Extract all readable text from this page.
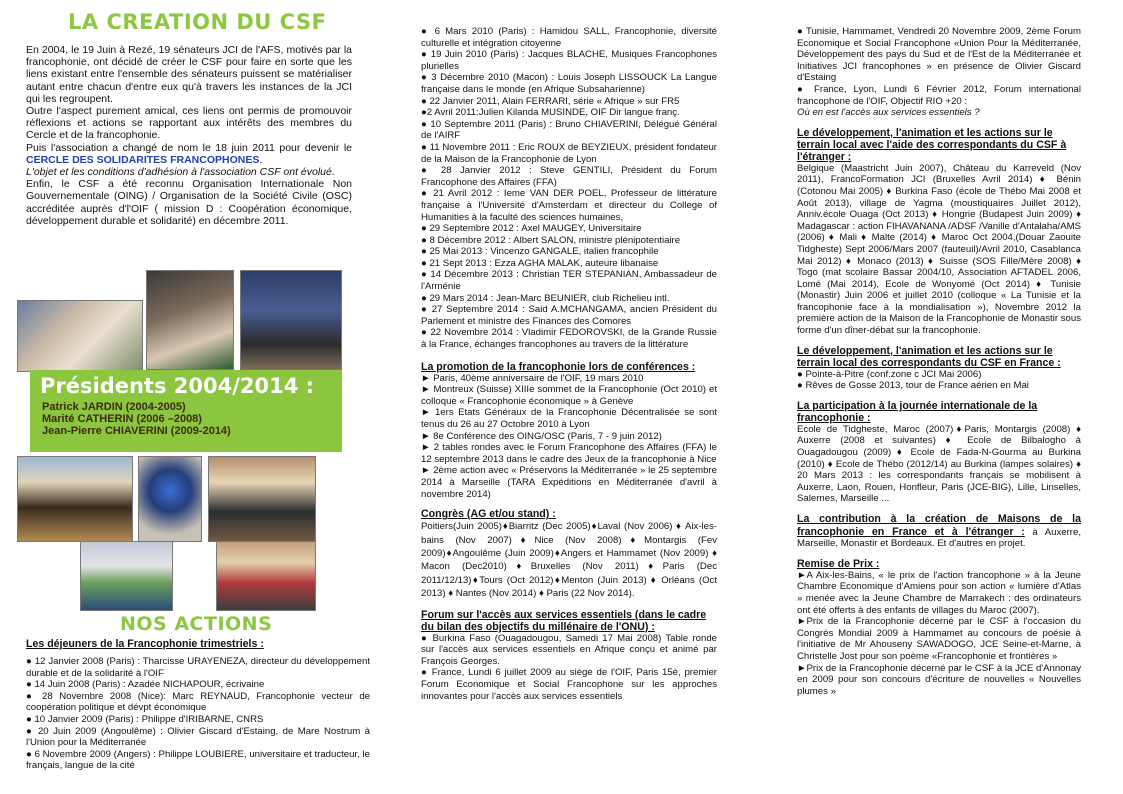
LA CREATION DU CSF

En 2004, le 19 Juin à Rezé, 19 sénateurs JCI de l'AFS, motivés par la francophonie, ont décidé de créer le CSF pour faire en sorte que les liens existant entre l'ensemble des sénateurs puissent se matérialiser autant entre chacun d'entre eux qu'à travers les instances de la JCI qui les regroupent.

Outre l'aspect purement amical, ces liens ont permis de promouvoir réflexions et actions se rapportant aux intérêts des membres du Cercle et de la francophonie.

Puis l'association a changé de nom le 18 juin 2011 pour devenir le CERCLE DES SOLIDARITES FRANCOPHONES.

L'objet et les conditions d'adhésion à l'association CSF ont évolué.

Enfin, le CSF a été reconnu Organisation Internationale Non Gouvernementale (OING) / Organisation de la Société Civile (OSC) accréditée auprès d'l'OIF ( mission D : Coopération économique, développement durable et solidarité) en décembre 2011.

Présidents 2004/2014 :
Patrick JARDIN (2004-2005)
Marité CATHERIN (2006 –2008)
Jean-Pierre CHIAVERINI (2009-2014)
NOS ACTIONS
Les déjeuners de la Francophonie trimestriels :

● 12 Janvier 2008 (Paris) : Tharcisse URAYENEZA, directeur du développement durable et de la solidarité à l'OIF

● 14 Juin 2008 (Paris) : Azadée NICHAPOUR, écrivaine

● 28 Novembre 2008 (Nice): Marc REYNAUD, Francophonie vecteur de coopération politique et dévpt économique

● 10 Janvier 2009 (Paris) : Philippe d'IRIBARNE, CNRS

● 20 Juin 2009 (Angoulême) : Olivier Giscard d'Estaing, de Mare Nostrum à l'Union pour la Méditerranée

● 6 Novembre 2009 (Angers) : Philippe LOUBIERE, universitaire et traducteur, le français, langue de la cité

● 6 Mars 2010 (Paris) : Hamidou SALL, Francophonie, diversité culturelle et intégration citoyenne

● 19 Juin 2010 (Paris) : Jacques BLACHE, Musiques Francophones plurielles

● 3 Décembre 2010 (Macon) : Louis Joseph LISSOUCK La Langue française dans le monde (en Afrique Subsaharienne)

● 22 Janvier 2011, Alain FERRARI, série « Afrique » sur FR5

●2 Avril 2011:Julien Kilanda MUSINDE, OIF Dir langue franç.

● 10 Septembre 2011 (Paris) : Bruno CHIAVERINI, Délégué Général de l'AIRF

● 11 Novembre 2011 : Eric ROUX de BEYZIEUX, président fondateur de la Maison de la Francophonie de Lyon

● 28 Janvier 2012 : Steve GENTILI, Président du Forum Francophone des Affaires (FFA)

● 21 Avril 2012 : Ieme VAN DER POEL, Professeur de littérature française à l'Université d'Amsterdam et directeur du College of Humanities à la faculté des sciences humaines,

● 29 Septembre 2012 : Axel MAUGEY, Universitaire

● 8 Décembre 2012 : Albert SALON, ministre plénipotentiaire

● 25 Mai 2013 : Vincenzo GANGALE, italien francophile

● 21 Sept 2013 : Ezza AGHA MALAK, auteure libanaise

● 14 Décembre 2013 : Christian TER STEPANIAN, Ambassadeur de l'Arménie

● 29 Mars 2014 : Jean-Marc BEUNIER, club Richelieu intl.

● 27 Septembre 2014 : Said A.MCHANGAMA, ancien Président du Parlement et ministre des Finances des Comores

● 22 Novembre 2014 : Vladimir FEDOROVSKI, de la Grande Russie à la France, échanges francophones au travers de la littérature

La promotion de la francophonie lors de conférences :

► Paris, 40ème anniversaire de l'OIF, 19 mars 2010

► Montreux (Suisse) XIIIe sommet de la Francophonie (Oct 2010) et colloque « Francophonie économique » à Genève

► 1ers Etats Généraux de la Francophonie Décentralisée se sont tenus du 26 au 27 Octobre 2010 à Lyon

► 8e Conférence des OING/OSC (Paris, 7 - 9 juin 2012)

► 2 tables rondes avec le Forum Francophone des Affaires (FFA) le 12 septembre 2013 dans le cadre des Jeux de la francophonie à Nice

► 2ème action avec « Préservons la Méditerranée » le 25 septembre 2014 à Marseille (TARA Expéditions en Méditerranée d'avril à novembre 2014)

Congrès (AG et/ou stand) :

Poitiers(Juin 2005)♦Biarritz (Dec 2005)♦Laval (Nov 2006) ♦ Aix-les-bains (Nov 2007)♦Nice (Nov 2008)♦Montargis (Fev 2009)♦Angoulême (Juin 2009)♦Angers et Hammamet (Nov 2009) ♦ Macon (Dec2010)♦Bruxelles (Nov 2011)♦Paris (Dec 2011/12/13)♦Tours (Oct 2012)♦Menton (Juin 2013) ♦ Orléans (Oct 2013) ♦ Nantes (Nov 2014) ♦ Paris (22 Nov 2014).

Forum sur l'accès aux services essentiels (dans le cadre du bilan des objectifs du millénaire de l'ONU) :

● Burkina Faso (Ouagadougou, Samedi 17 Mai 2008) Table ronde sur l'accès aux services essentiels en Afrique conçu et animé par François Georges.

● France, Lundi 6 juillet 2009 au siège de l'OIF, Paris 15è, premier Forum Economique et Social Francophone sur les approches innovantes pour l'accès aux services essentiels

● Tunisie, Hammamet, Vendredi 20 Novembre 2009, 2ème Forum Economique et Social Francophone «Union Pour la Méditerranée, Développement des pays du Sud et de l'Est de la Méditerranée et Initiatives JCI francophones » en présence de Olivier Giscard d'Estaing

● France, Lyon, Lundi 6 Février 2012, Forum international francophone de l'OIF, Objectif RIO +20 :

Où en est l'accès aux services essentiels ?

Le développement, l'animation et les actions sur le terrain local avec l'aide des correspondants du CSF à l'étranger :

Belgique (Maastricht Juin 2007), Château du Karreveld (Nov 2011), FrancoFormation JCI (Bruxelles Avril 2014) ♦ Bénin (Cotonou Mai 2005) ♦ Burkina Faso (école de Thébo Mai 2008 et Août 2013), village de Yagma (moustiquaires Juillet 2012), Anniv.école Ouaga (Oct 2013) ♦ Hongrie (Budapest Juin 2009) ♦ Madagascar : action FIHAVANANA /ADSF /Vanille d'Antalaha/AMS (2006) ♦ Mali ♦ Malte (2014) ♦ Maroc Oct 2004,(Douar Zaouite Tidgheste) Sept 2006/Mars 2007 (fauteuil)/Avril 2010, Casablanca Mai 2012) ♦ Monaco (2013) ♦ Suisse (SOS Fille/Mère 2008) ♦ Togo (mat scolaire Bassar 2004/10, Association AFTADEL 2006, Lomé (Mai 2014), Ecole de Wonyomé (Oct 2014) ♦ Tunisie (Monastir) Juin 2006 et juillet 2010 (colloque « La Tunisie et la francophonie face à la mondialisation »), Novembre 2012 la première action de la Maison de la Francophonie de Monastir sous forme d'un dîner-débat sur la francophonie.

Le développement, l'animation et les actions sur le terrain local des correspondants du CSF en France :

● Pointe-à-Pitre (conf.zone c JCI Mai 2006)

● Rêves de Gosse 2013, tour de France aérien en Mai

La participation à la journée internationale de la francophonie :

Ecole de Tidgheste, Maroc (2007)♦Paris, Montargis (2008) ♦ Auxerre (2008 et suivantes) ♦ Ecole de Bilbalogho à Ouagadougou (2009) ♦ Ecole de Fada-N-Gourma au Burkina (2010) ♦ Ecole de Thébo (2012/14) au Burkina (lampes solaires) ♦ 20 Mars 2013 : les correspondants français se mobilisent à Auxerre, Laon, Rouen, Honfleur, Paris (JCE-BIG), Lille, Linselles, Salernes, Marseille ...

La contribution à la création de Maisons de la francophonie en France et à l'étranger : à Auxerre, Marseille, Monastir et Bordeaux. Et d'autres en projet.
Remise de Prix :

►A Aix-les-Bains, « le prix de l'action francophone » à la Jeune Chambre Economique d'Amiens pour son action « lumière d'Atlas » menée avec la Jeune Chambre de Marrakech : des ordinateurs ont été offerts à des enfants de villages du Maroc (2007).

►Prix de la Francophonie décerné par le CSF à l'occasion du Congrès Mondial 2009 à Hammamet au concours de poésie à l'initiative de Mr Ahouseny SAWADOGO, JCE Seine-et-Marne, à Christelle Jost pour son poème «Francophonie et frontières »

►Prix de la Francophonie décerné par le CSF à la JCE d'Annonay en 2009 pour son concours d'écriture de nouvelles « Nouvelles plumes »
